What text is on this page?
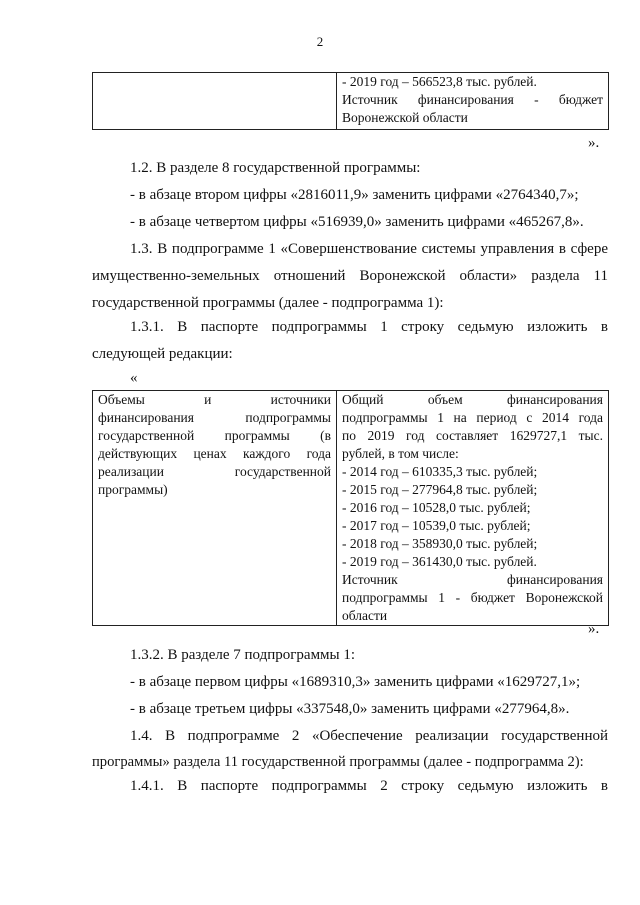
2

- 2019 год – 566523,8 тыс. рублей.
Источник финансирования - бюджет
Воронежской области
».
1.2. В разделе 8 государственной программы:
- в абзаце втором цифры «2816011,9» заменить цифрами «2764340,7»;
- в абзаце четвертом цифры «516939,0» заменить цифрами «465267,8».
1.3. В подпрограмме 1 «Совершенствование системы управления в сфере
имущественно-земельных отношений Воронежской области» раздела 11
государственной программы (далее - подпрограмма 1):
1.3.1. В паспорте подпрограммы 1 строку седьмую изложить в
следующей редакции:
«
Объемы и источники
финансирования подпрограммы
государственной программы (в
действующих ценах каждого года
реализации государственной
программы)

Общий объем финансирования
подпрограммы 1 на период с 2014 года
по 2019 год составляет 1629727,1 тыс.
рублей, в том числе:
- 2014 год – 610335,3 тыс. рублей;
- 2015 год – 277964,8 тыс. рублей;
- 2016 год – 10528,0 тыс. рублей;
- 2017 год – 10539,0 тыс. рублей;
- 2018 год – 358930,0 тыс. рублей;
- 2019 год – 361430,0 тыс. рублей.
Источник финансирования
подпрограммы 1 - бюджет Воронежской
области
».
1.3.2. В разделе 7 подпрограммы 1:
- в абзаце первом цифры «1689310,3» заменить цифрами «1629727,1»;
- в абзаце третьем цифры «337548,0» заменить цифрами «277964,8».
1.4. В подпрограмме 2 «Обеспечение реализации государственной
программы» раздела 11 государственной программы (далее - подпрограмма 2):
1.4.1. В паспорте подпрограммы 2 строку седьмую изложить в
